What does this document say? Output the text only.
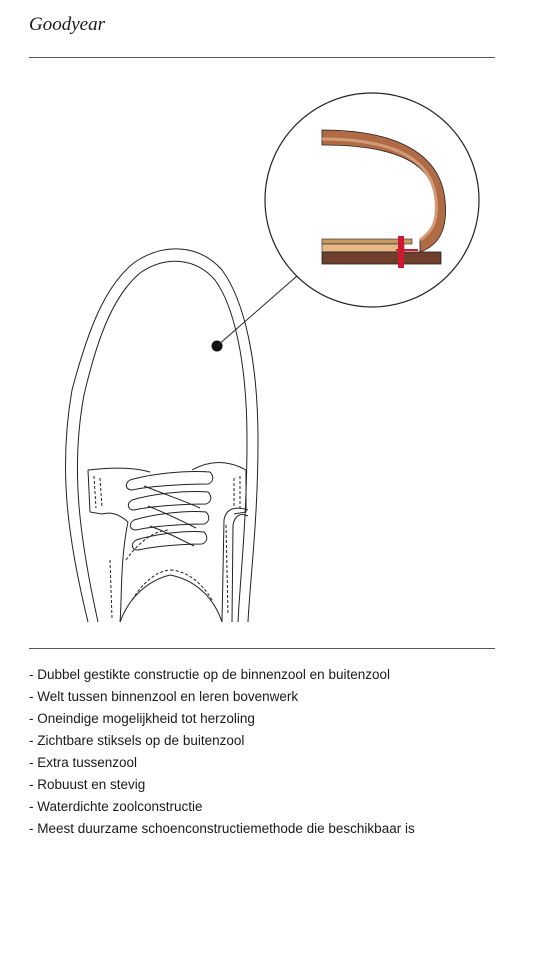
Goodyear
- Dubbel gestikte constructie op de binnenzool en buitenzool
- Welt tussen binnenzool en leren bovenwerk
- Oneindige mogelijkheid tot herzoling
- Zichtbare stiksels op de buitenzool
- Extra tussenzool
- Robuust en stevig
- Waterdichte zoolconstructie
- Meest duurzame schoenconstructiemethode die beschikbaar is
